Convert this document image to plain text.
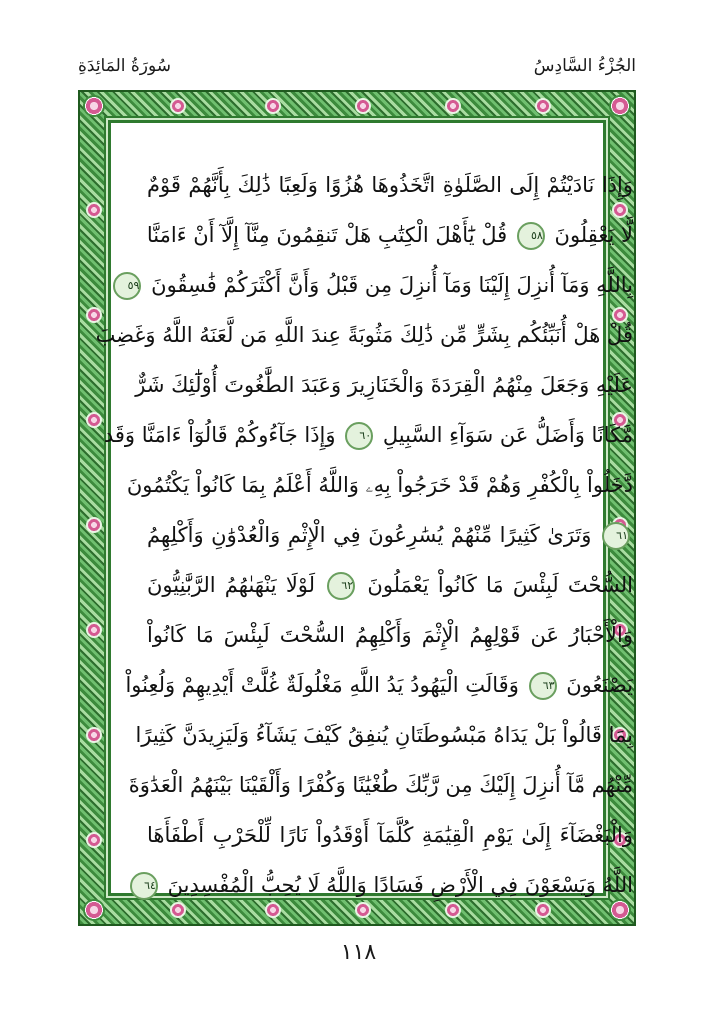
الجُزْءُ السَّادِسُ
سُورَةُ المَائِدَةِ
وَإِذَا نَادَيْتُمْ إِلَى الصَّلَوٰةِ اتَّخَذُوهَا هُزُوًا وَلَعِبًا ذَٰلِكَ بِأَنَّهُمْ قَوْمٌ
لَّا يَعْقِلُونَ ٥٨ قُلْ يَٰٓأَهْلَ الْكِتَٰبِ هَلْ تَنقِمُونَ مِنَّآ إِلَّآ أَنْ ءَامَنَّا
بِاللَّهِ وَمَآ أُنزِلَ إِلَيْنَا وَمَآ أُنزِلَ مِن قَبْلُ وَأَنَّ أَكْثَرَكُمْ فَٰسِقُونَ ٥٩
قُلْ هَلْ أُنَبِّئُكُم بِشَرٍّ مِّن ذَٰلِكَ مَثُوبَةً عِندَ اللَّهِ مَن لَّعَنَهُ اللَّهُ وَغَضِبَ
عَلَيْهِ وَجَعَلَ مِنْهُمُ الْقِرَدَةَ وَالْخَنَازِيرَ وَعَبَدَ الطَّٰغُوتَ أُوْلَٰٓئِكَ شَرٌّ
مَّكَانًا وَأَضَلُّ عَن سَوَآءِ السَّبِيلِ ٦٠ وَإِذَا جَآءُوكُمْ قَالُوٓاْ ءَامَنَّا وَقَد
دَّخَلُواْ بِالْكُفْرِ وَهُمْ قَدْ خَرَجُواْ بِهِۦ وَاللَّهُ أَعْلَمُ بِمَا كَانُواْ يَكْتُمُونَ
٦١ وَتَرَىٰ كَثِيرًا مِّنْهُمْ يُسَٰرِعُونَ فِي الْإِثْمِ وَالْعُدْوَٰنِ وَأَكْلِهِمُ
السُّحْتَ لَبِئْسَ مَا كَانُواْ يَعْمَلُونَ ٦٢ لَوْلَا يَنْهَىٰهُمُ الرَّبَّٰنِيُّونَ
وَالْأَحْبَارُ عَن قَوْلِهِمُ الْإِثْمَ وَأَكْلِهِمُ السُّحْتَ لَبِئْسَ مَا كَانُواْ
يَصْنَعُونَ ٦٣ وَقَالَتِ الْيَهُودُ يَدُ اللَّهِ مَغْلُولَةٌ غُلَّتْ أَيْدِيهِمْ وَلُعِنُواْ
بِمَا قَالُواْ بَلْ يَدَاهُ مَبْسُوطَتَانِ يُنفِقُ كَيْفَ يَشَآءُ وَلَيَزِيدَنَّ كَثِيرًا
مِّنْهُم مَّآ أُنزِلَ إِلَيْكَ مِن رَّبِّكَ طُغْيَٰنًا وَكُفْرًا وَأَلْقَيْنَا بَيْنَهُمُ الْعَدَٰوَةَ
وَالْبَغْضَآءَ إِلَىٰ يَوْمِ الْقِيَٰمَةِ كُلَّمَآ أَوْقَدُواْ نَارًا لِّلْحَرْبِ أَطْفَأَهَا
اللَّهُ وَيَسْعَوْنَ فِي الْأَرْضِ فَسَادًا وَاللَّهُ لَا يُحِبُّ الْمُفْسِدِينَ ٦٤
١١٨
